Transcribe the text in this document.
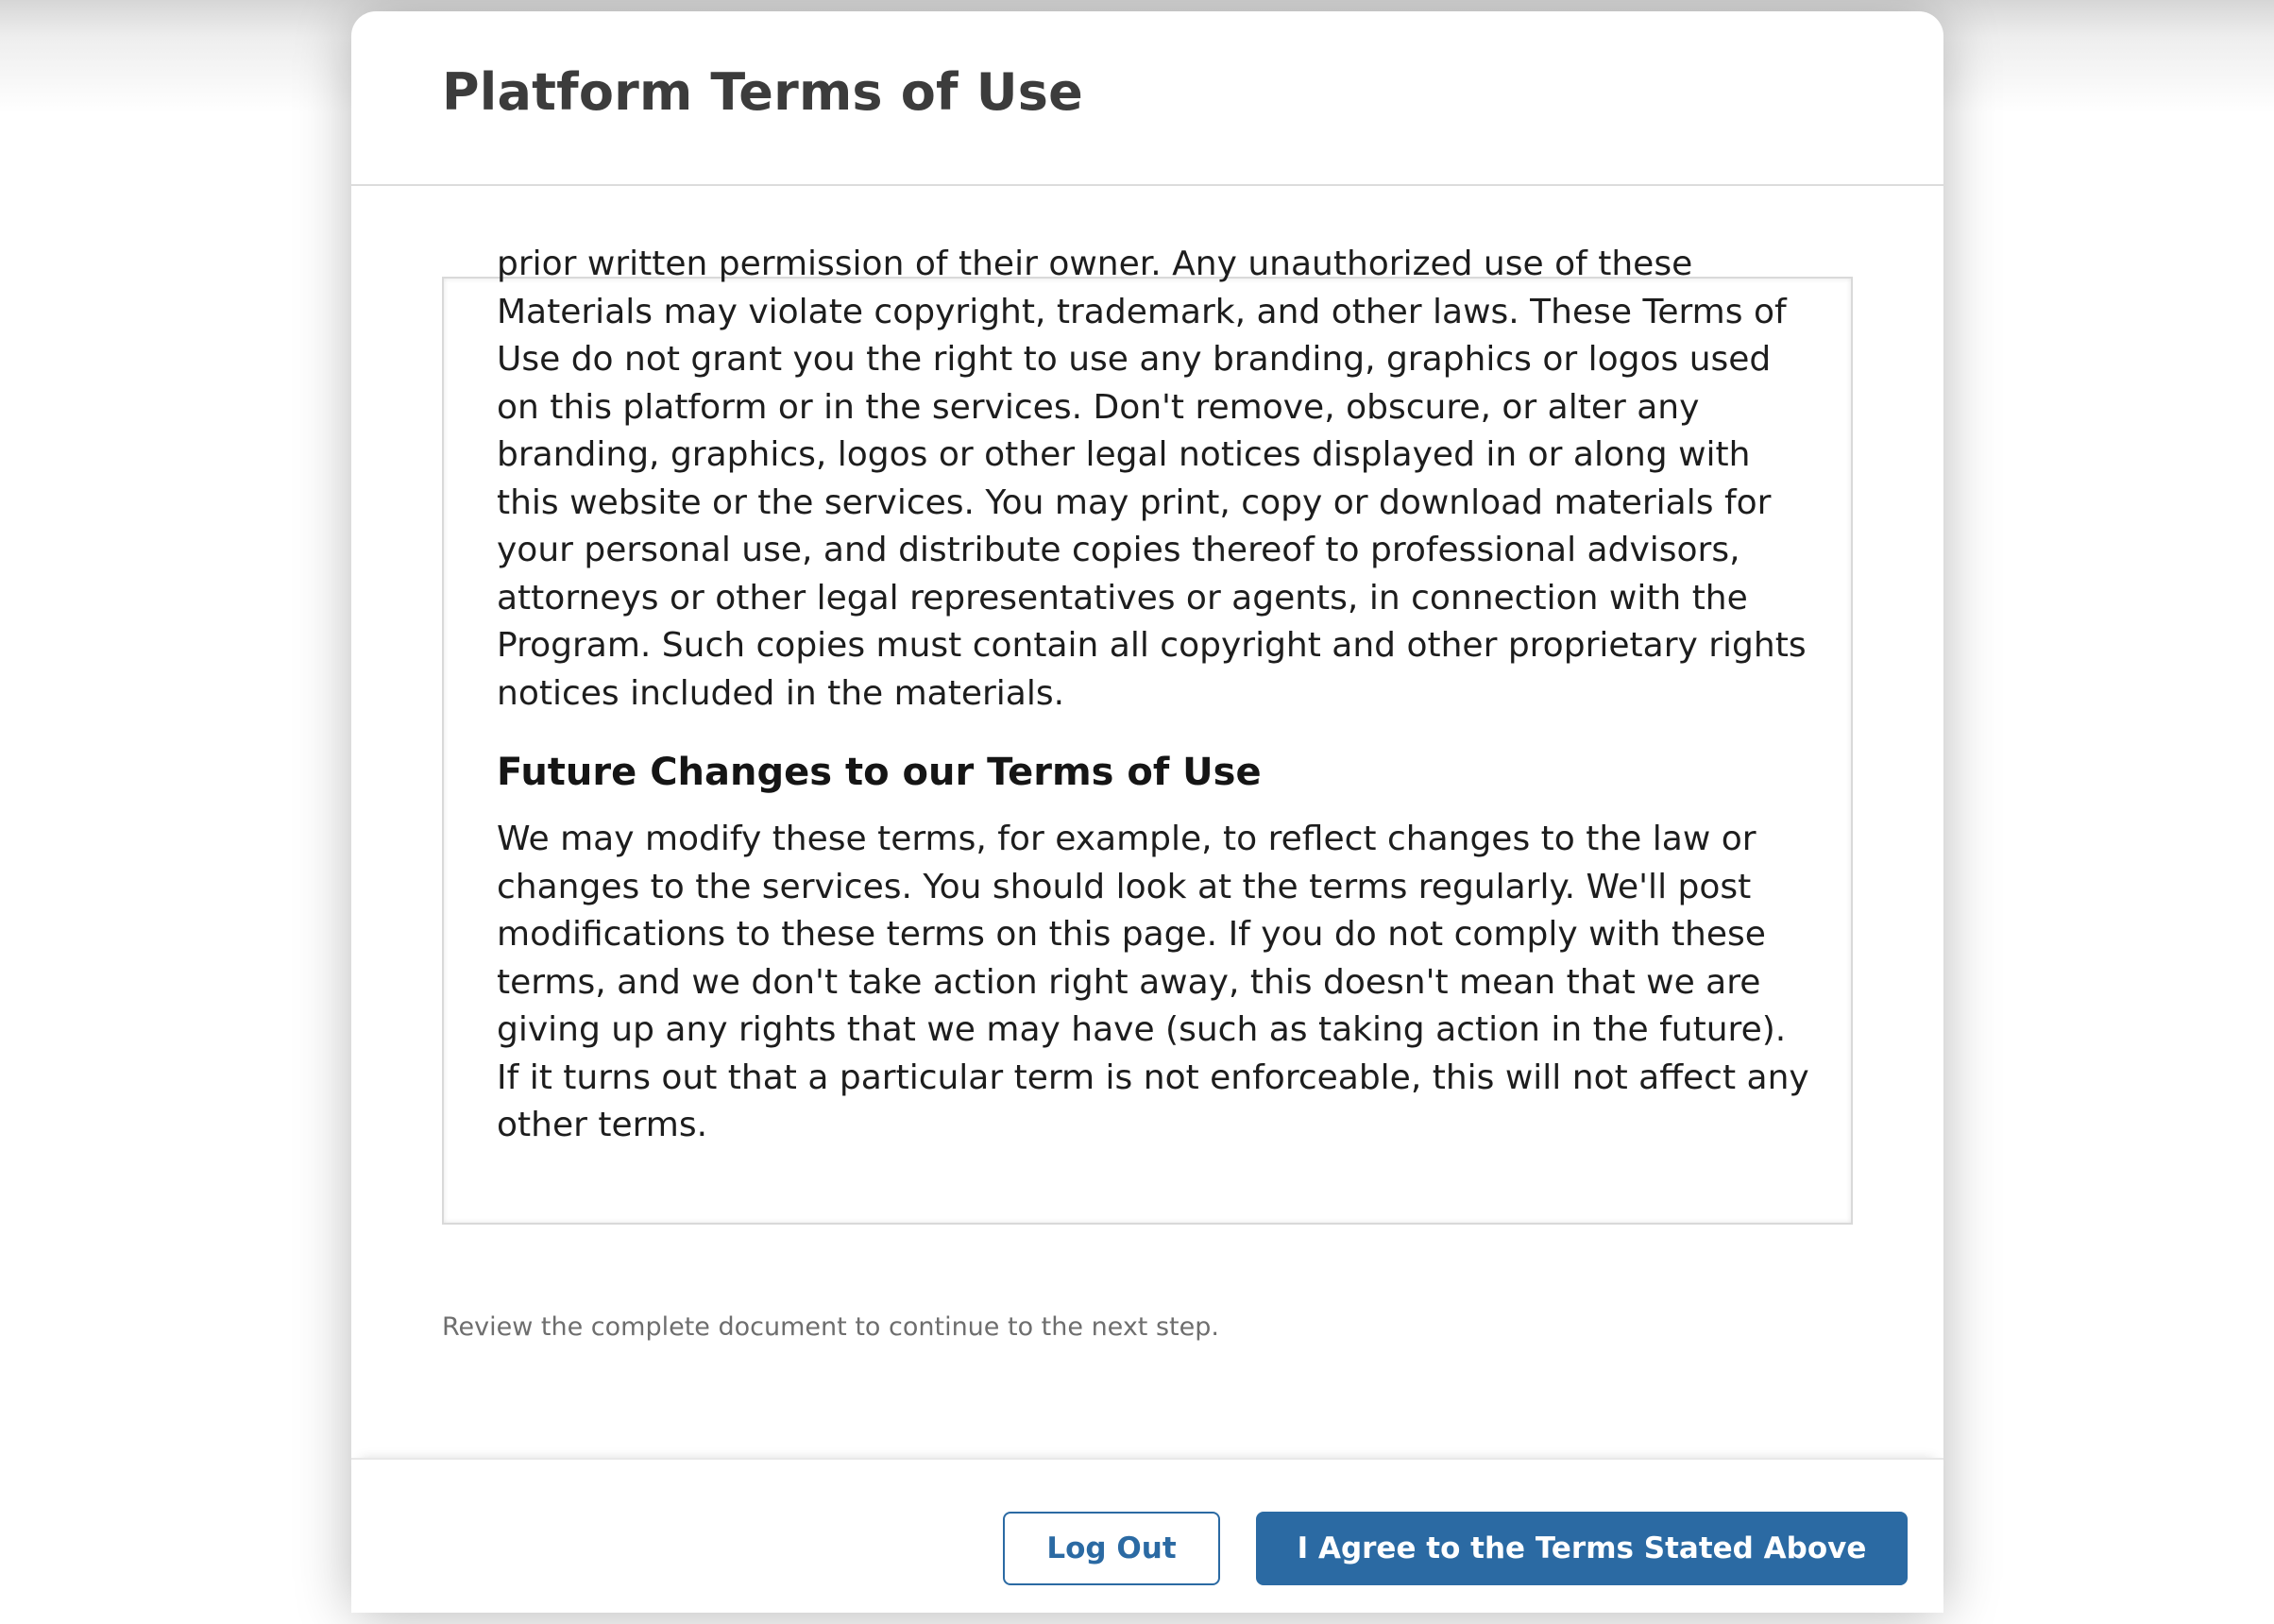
Platform Terms of Use

prior written permission of their owner. Any unauthorized use of these Materials may violate copyright, trademark, and other laws. These Terms of Use do not grant you the right to use any branding, graphics or logos used on this platform or in the services. Don't remove, obscure, or alter any branding, graphics, logos or other legal notices displayed in or along with this website or the services. You may print, copy or download materials for your personal use, and distribute copies thereof to professional advisors, attorneys or other legal representatives or agents, in connection with the Program. Such copies must contain all copyright and other proprietary rights notices included in the materials.

Future Changes to our Terms of Use

We may modify these terms, for example, to reflect changes to the law or changes to the services. You should look at the terms regularly. We'll post modifications to these terms on this page. If you do not comply with these terms, and we don't take action right away, this doesn't mean that we are giving up any rights that we may have (such as taking action in the future). If it turns out that a particular term is not enforceable, this will not affect any other terms.

Review the complete document to continue to the next step.

Log Out	I Agree to the Terms Stated Above
